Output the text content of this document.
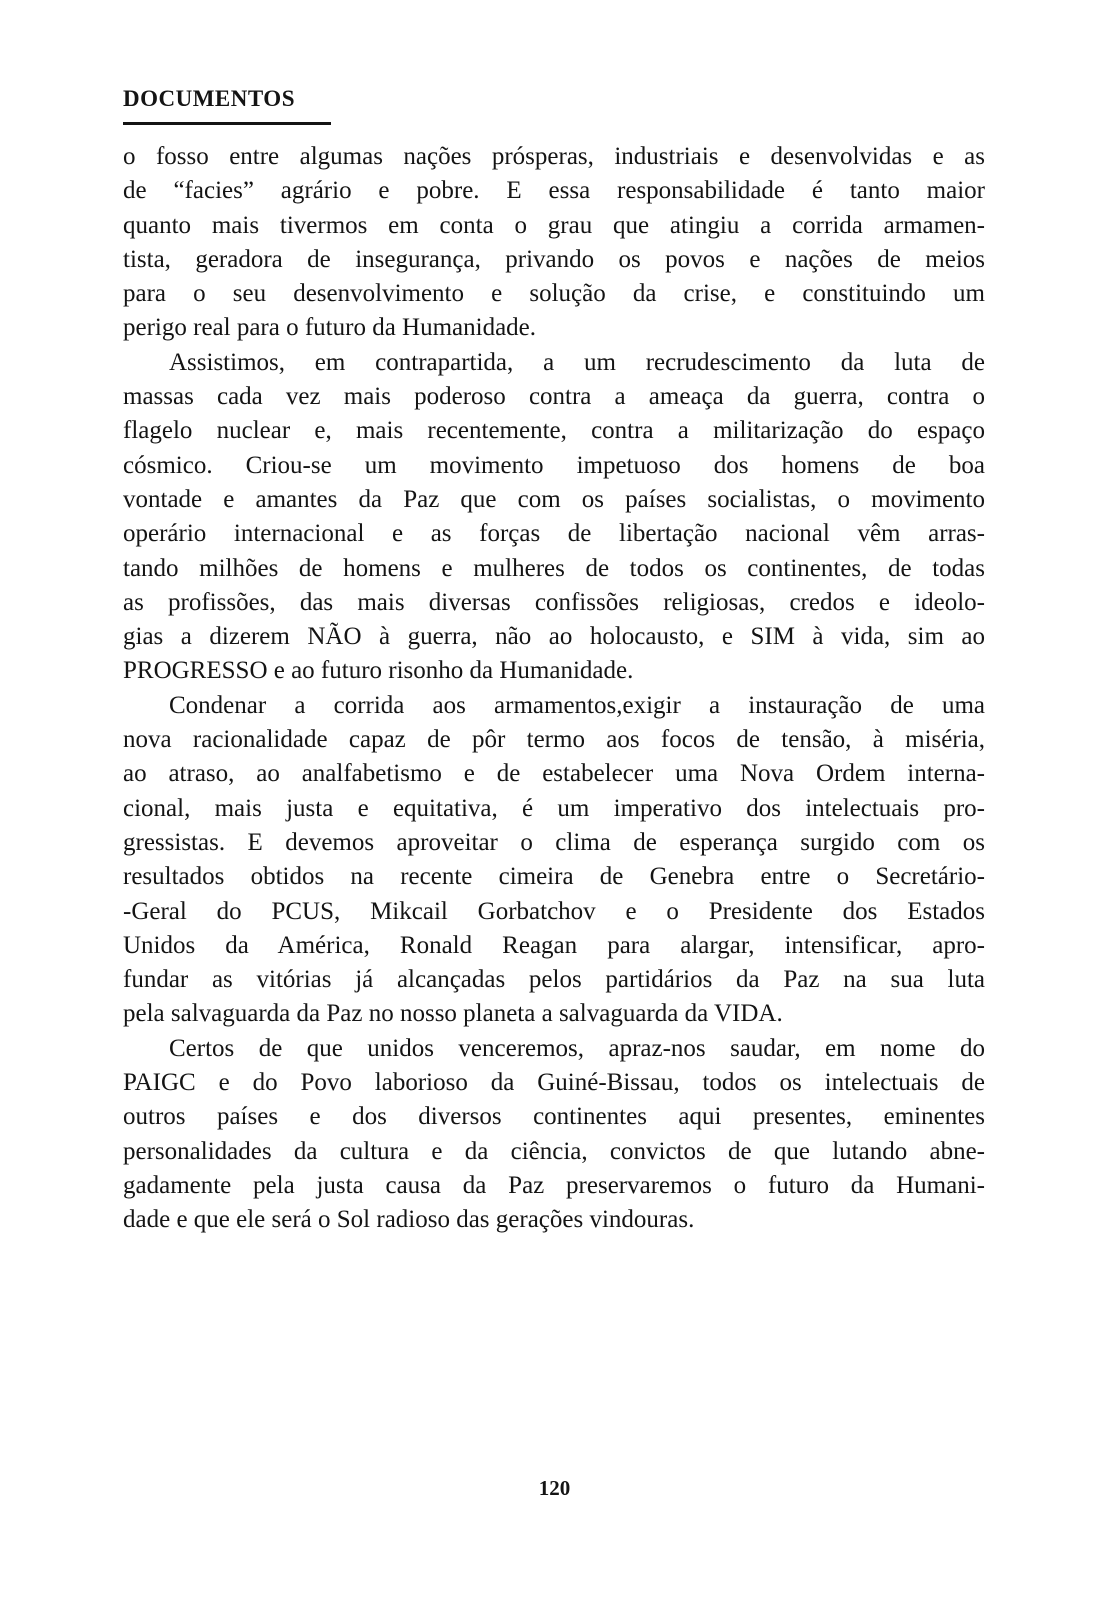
DOCUMENTOS
o fosso entre algumas nações prósperas, industriais e desenvolvidas e as
de “facies” agrário e pobre. E essa responsabilidade é tanto maior
quanto mais tivermos em conta o grau que atingiu a corrida armamen-
tista, geradora de insegurança, privando os povos e nações de meios
para o seu desenvolvimento e solução da crise, e constituindo um
perigo real para o futuro da Humanidade.
Assistimos, em contrapartida, a um recrudescimento da luta de
massas cada vez mais poderoso contra a ameaça da guerra, contra o
flagelo nuclear e, mais recentemente, contra a militarização do espaço
cósmico. Criou-se um movimento impetuoso dos homens de boa
vontade e amantes da Paz que com os países socialistas, o movimento
operário internacional e as forças de libertação nacional vêm arras-
tando milhões de homens e mulheres de todos os continentes, de todas
as profissões, das mais diversas confissões religiosas, credos e ideolo-
gias a dizerem NÃO à guerra, não ao holocausto, e SIM à vida, sim ao
PROGRESSO e ao futuro risonho da Humanidade.
Condenar a corrida aos armamentos,exigir a instauração de uma
nova racionalidade capaz de pôr termo aos focos de tensão, à miséria,
ao atraso, ao analfabetismo e de estabelecer uma Nova Ordem interna-
cional, mais justa e equitativa, é um imperativo dos intelectuais pro-
gressistas. E devemos aproveitar o clima de esperança surgido com os
resultados obtidos na recente cimeira de Genebra entre o Secretário-
-Geral do PCUS, Mikcail Gorbatchov e o Presidente dos Estados
Unidos da América, Ronald Reagan para alargar, intensificar, apro-
fundar as vitórias já alcançadas pelos partidários da Paz na sua luta
pela salvaguarda da Paz no nosso planeta a salvaguarda da VIDA.
Certos de que unidos venceremos, apraz-nos saudar, em nome do
PAIGC e do Povo laborioso da Guiné-Bissau, todos os intelectuais de
outros países e dos diversos continentes aqui presentes, eminentes
personalidades da cultura e da ciência, convictos de que lutando abne-
gadamente pela justa causa da Paz preservaremos o futuro da Humani-
dade e que ele será o Sol radioso das gerações vindouras.
120
